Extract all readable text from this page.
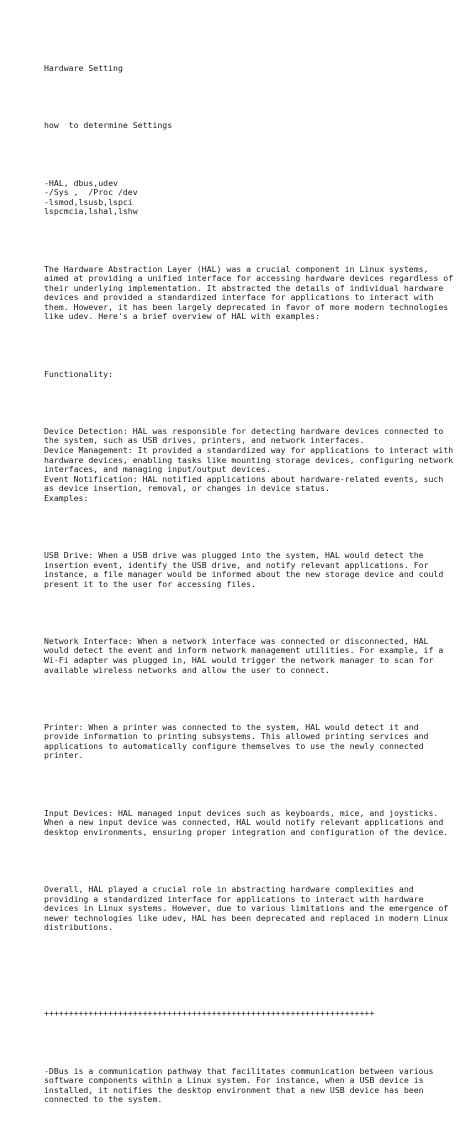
Hardware Setting

how  to determine Settings

-HAL, dbus,udev
-/Sys ,  /Proc /dev
-lsmod,lsusb,lspci
lspcmcia,lshal,lshw

The Hardware Abstraction Layer (HAL) was a crucial component in Linux systems,
aimed at providing a unified interface for accessing hardware devices regardless of
their underlying implementation. It abstracted the details of individual hardware
devices and provided a standardized interface for applications to interact with
them. However, it has been largely deprecated in favor of more modern technologies
like udev. Here's a brief overview of HAL with examples:

Functionality:

Device Detection: HAL was responsible for detecting hardware devices connected to
the system, such as USB drives, printers, and network interfaces.
Device Management: It provided a standardized way for applications to interact with
hardware devices, enabling tasks like mounting storage devices, configuring network
interfaces, and managing input/output devices.
Event Notification: HAL notified applications about hardware-related events, such
as device insertion, removal, or changes in device status.
Examples:

USB Drive: When a USB drive was plugged into the system, HAL would detect the
insertion event, identify the USB drive, and notify relevant applications. For
instance, a file manager would be informed about the new storage device and could
present it to the user for accessing files.

Network Interface: When a network interface was connected or disconnected, HAL
would detect the event and inform network management utilities. For example, if a
Wi-Fi adapter was plugged in, HAL would trigger the network manager to scan for
available wireless networks and allow the user to connect.

Printer: When a printer was connected to the system, HAL would detect it and
provide information to printing subsystems. This allowed printing services and
applications to automatically configure themselves to use the newly connected
printer.

Input Devices: HAL managed input devices such as keyboards, mice, and joysticks.
When a new input device was connected, HAL would notify relevant applications and
desktop environments, ensuring proper integration and configuration of the device.

Overall, HAL played a crucial role in abstracting hardware complexities and
providing a standardized interface for applications to interact with hardware
devices in Linux systems. However, due to various limitations and the emergence of
newer technologies like udev, HAL has been deprecated and replaced in modern Linux
distributions.

+++++++++++++++++++++++++++++++++++++++++++++++++++++++++++++++++++

-DBus is a communication pathway that facilitates communication between various
software components within a Linux system. For instance, when a USB device is
installed, it notifies the desktop environment that a new USB device has been
connected to the system.
